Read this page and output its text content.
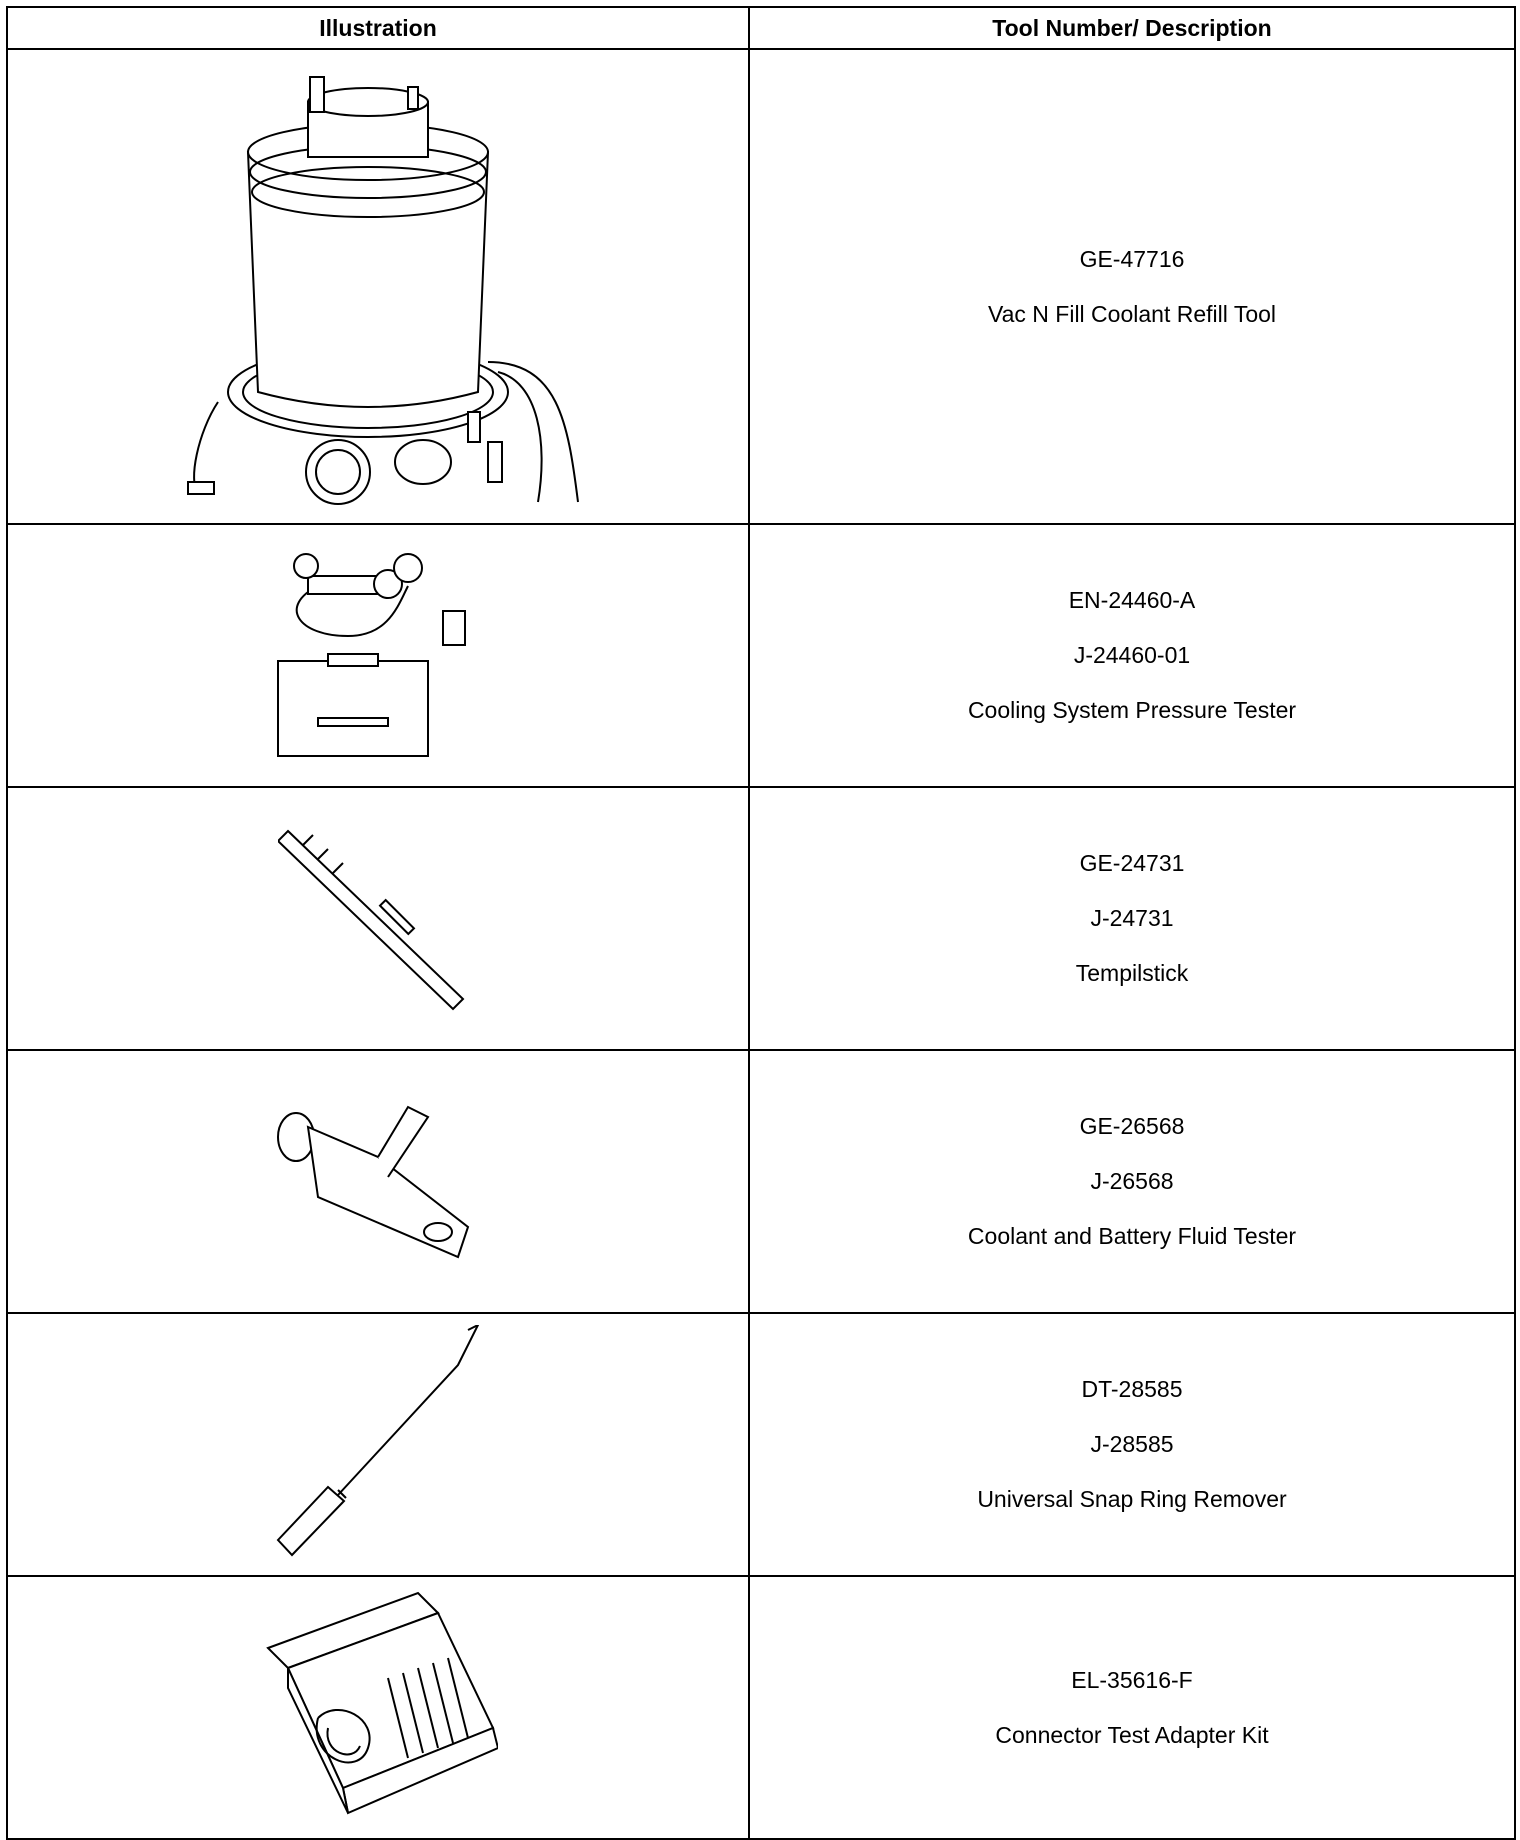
Illustration	Tool Number/ Description

GE-47716
Vac N Fill Coolant Refill Tool

EN-24460-A
J-24460-01
Cooling System Pressure Tester

GE-24731
J-24731
Tempilstick

GE-26568
J-26568
Coolant and Battery Fluid Tester

DT-28585
J-28585
Universal Snap Ring Remover

EL-35616-F
Connector Test Adapter Kit
